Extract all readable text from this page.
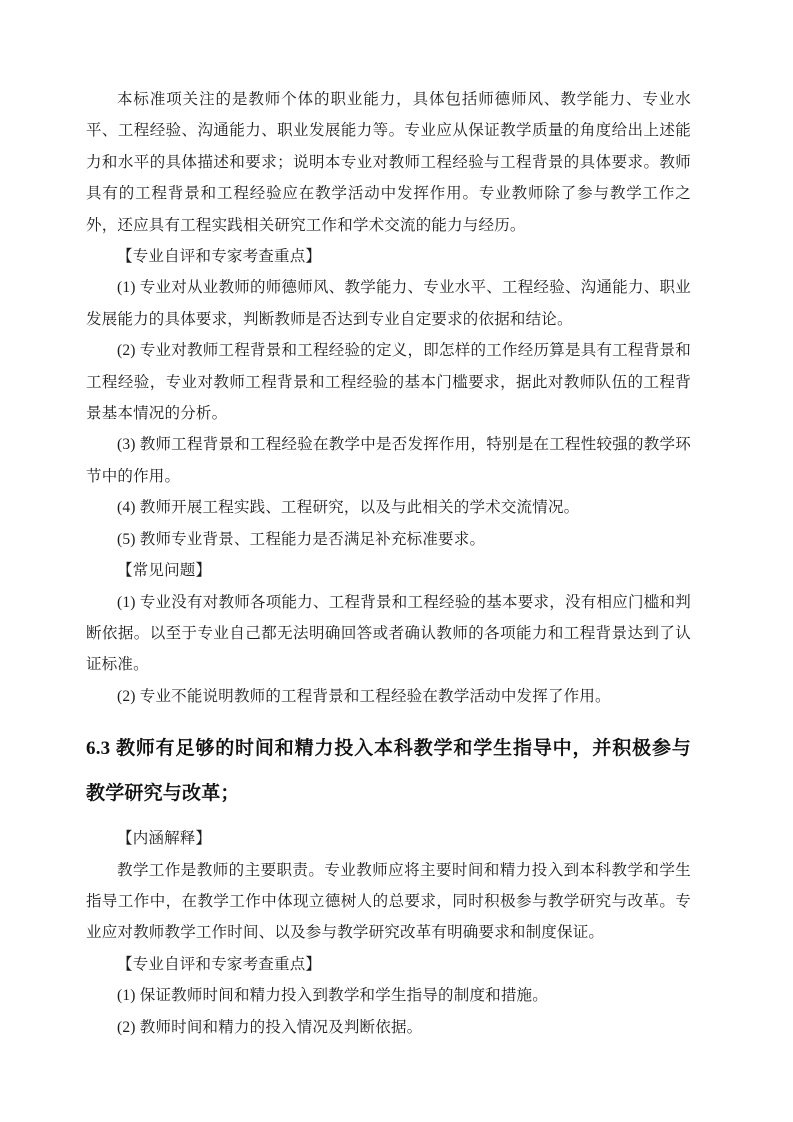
本标准项关注的是教师个体的职业能力，具体包括师德师风、教学能力、专业水平、工程经验、沟通能力、职业发展能力等。专业应从保证教学质量的角度给出上述能力和水平的具体描述和要求；说明本专业对教师工程经验与工程背景的具体要求。教师具有的工程背景和工程经验应在教学活动中发挥作用。专业教师除了参与教学工作之外，还应具有工程实践相关研究工作和学术交流的能力与经历。

【专业自评和专家考查重点】

(1) 专业对从业教师的师德师风、教学能力、专业水平、工程经验、沟通能力、职业发展能力的具体要求，判断教师是否达到专业自定要求的依据和结论。

(2) 专业对教师工程背景和工程经验的定义，即怎样的工作经历算是具有工程背景和工程经验，专业对教师工程背景和工程经验的基本门槛要求，据此对教师队伍的工程背景基本情况的分析。

(3) 教师工程背景和工程经验在教学中是否发挥作用，特别是在工程性较强的教学环节中的作用。

(4) 教师开展工程实践、工程研究，以及与此相关的学术交流情况。

(5) 教师专业背景、工程能力是否满足补充标准要求。

【常见问题】

(1) 专业没有对教师各项能力、工程背景和工程经验的基本要求，没有相应门槛和判断依据。以至于专业自己都无法明确回答或者确认教师的各项能力和工程背景达到了认证标准。

(2) 专业不能说明教师的工程背景和工程经验在教学活动中发挥了作用。

6.3 教师有足够的时间和精力投入本科教学和学生指导中，并积极参与教学研究与改革；

【内涵解释】

教学工作是教师的主要职责。专业教师应将主要时间和精力投入到本科教学和学生指导工作中，在教学工作中体现立德树人的总要求，同时积极参与教学研究与改革。专业应对教师教学工作时间、以及参与教学研究改革有明确要求和制度保证。

【专业自评和专家考查重点】

(1) 保证教师时间和精力投入到教学和学生指导的制度和措施。

(2) 教师时间和精力的投入情况及判断依据。
